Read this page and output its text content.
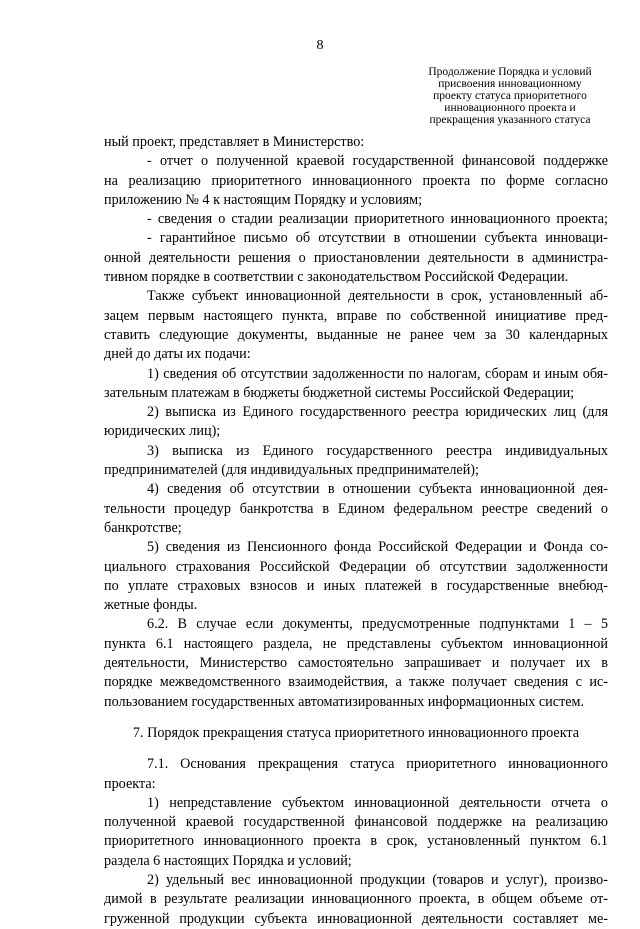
8
Продолжение Порядка и условий
присвоения инновационному
проекту статуса приоритетного
инновационного проекта и
прекращения указанного статуса
ный проект, представляет в Министерство:
- отчет о полученной краевой государственной финансовой поддержке
на реализацию приоритетного инновационного проекта по форме согласно
приложению № 4 к настоящим Порядку и условиям;
- сведения о стадии реализации приоритетного инновационного проекта;
- гарантийное письмо об отсутствии в отношении субъекта инноваци-
онной деятельности решения о приостановлении деятельности в администра-
тивном порядке в соответствии с законодательством Российской Федерации.
Также субъект инновационной деятельности в срок, установленный аб-
зацем первым настоящего пункта, вправе по собственной инициативе пред-
ставить следующие документы, выданные не ранее чем за 30 календарных
дней до даты их подачи:
1) сведения об отсутствии задолженности по налогам, сборам и иным обя-
зательным платежам в бюджеты бюджетной системы Российской Федерации;
2) выписка из Единого государственного реестра юридических лиц (для
юридических лиц);
3) выписка из Единого государственного реестра индивидуальных
предпринимателей (для индивидуальных предпринимателей);
4) сведения об отсутствии в отношении субъекта инновационной дея-
тельности процедур банкротства в Едином федеральном реестре сведений о
банкротстве;
5) сведения из Пенсионного фонда Российской Федерации и Фонда со-
циального страхования Российской Федерации об отсутствии задолженности
по уплате страховых взносов и иных платежей в государственные внебюд-
жетные фонды.
6.2. В случае если документы, предусмотренные подпунктами 1 – 5
пункта 6.1 настоящего раздела, не представлены субъектом инновационной
деятельности, Министерство самостоятельно запрашивает и получает их в
порядке межведомственного взаимодействия, а также получает сведения с ис-
пользованием государственных автоматизированных информационных систем.
7. Порядок прекращения статуса приоритетного инновационного проекта
7.1. Основания прекращения статуса приоритетного инновационного
проекта:
1) непредставление субъектом инновационной деятельности отчета о
полученной краевой государственной финансовой поддержке на реализацию
приоритетного инновационного проекта в срок, установленный пунктом 6.1
раздела 6 настоящих Порядка и условий;
2) удельный вес инновационной продукции (товаров и услуг), произво-
димой в результате реализации инновационного проекта, в общем объеме от-
груженной продукции субъекта инновационной деятельности составляет ме-
